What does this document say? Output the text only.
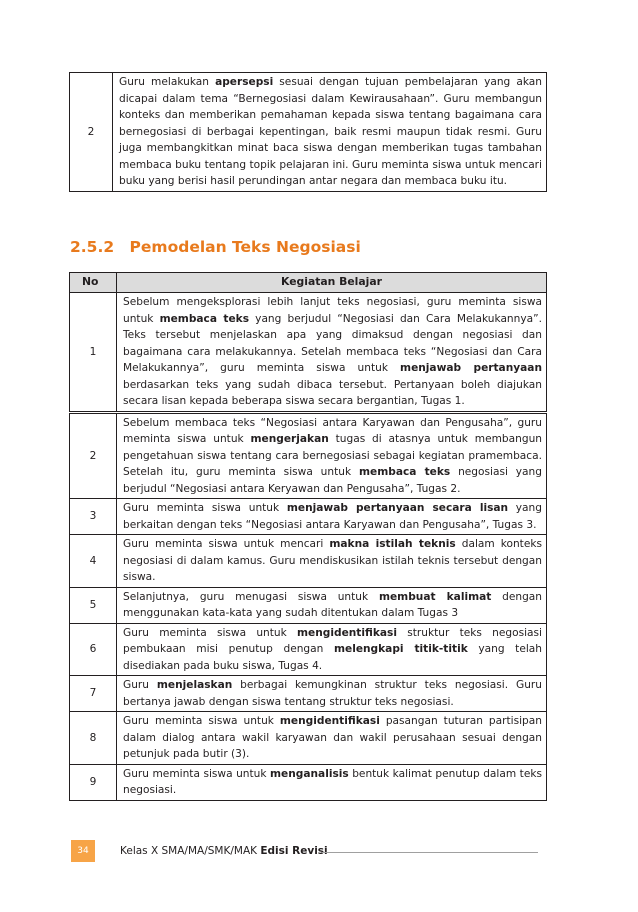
2	Guru melakukan apersepsi sesuai dengan tujuan pembelajaran yang akan dicapai dalam tema “Bernegosiasi dalam Kewirausahaan”. Guru membangun konteks dan memberikan pemahaman kepada siswa tentang bagaimana cara bernegosiasi di berbagai kepentingan, baik resmi maupun tidak resmi. Guru juga membangkitkan minat baca siswa dengan memberikan tugas tambahan membaca buku tentang topik pelajaran ini. Guru meminta siswa untuk mencari buku yang berisi hasil perundingan antar negara dan membaca buku itu.
2.5.2 Pemodelan Teks Negosiasi
No	Kegiatan Belajar
1	Sebelum mengeksplorasi lebih lanjut teks negosiasi, guru meminta siswa untuk membaca teks yang berjudul “Negosiasi dan Cara Melakukannya”. Teks tersebut menjelaskan apa yang dimaksud dengan negosiasi dan bagaimana cara melakukannya. Setelah membaca teks “Negosiasi dan Cara Melakukannya”, guru meminta siswa untuk menjawab pertanyaan berdasarkan teks yang sudah dibaca tersebut. Pertanyaan boleh diajukan secara lisan kepada beberapa siswa secara bergantian, Tugas 1.
2	Sebelum membaca teks “Negosiasi antara Karyawan dan Pengusaha”, guru meminta siswa untuk mengerjakan tugas di atasnya untuk membangun pengetahuan siswa tentang cara bernegosiasi sebagai kegiatan pramembaca. Setelah itu, guru meminta siswa untuk membaca teks negosiasi yang berjudul “Negosiasi antara Keryawan dan Pengusaha”, Tugas 2.
3	Guru meminta siswa untuk menjawab pertanyaan secara lisan yang berkaitan dengan teks “Negosiasi antara Karyawan dan Pengusaha”, Tugas 3.
4	Guru meminta siswa untuk mencari makna istilah teknis dalam konteks negosiasi di dalam kamus. Guru mendiskusikan istilah teknis tersebut dengan siswa.
5	Selanjutnya, guru menugasi siswa untuk membuat kalimat dengan menggunakan kata-kata yang sudah ditentukan dalam Tugas 3
6	Guru meminta siswa untuk mengidentifikasi struktur teks negosiasi pembukaan misi penutup dengan melengkapi titik-titik yang telah disediakan pada buku siswa, Tugas 4.
7	Guru menjelaskan berbagai kemungkinan struktur teks negosiasi. Guru bertanya jawab dengan siswa tentang struktur teks negosiasi.
8	Guru meminta siswa untuk mengidentifikasi pasangan tuturan partisipan dalam dialog antara wakil karyawan dan wakil perusahaan sesuai dengan petunjuk pada butir (3).
9	Guru meminta siswa untuk menganalisis bentuk kalimat penutup dalam teks negosiasi.
34	Kelas X SMA/MA/SMK/MAK Edisi Revisi
